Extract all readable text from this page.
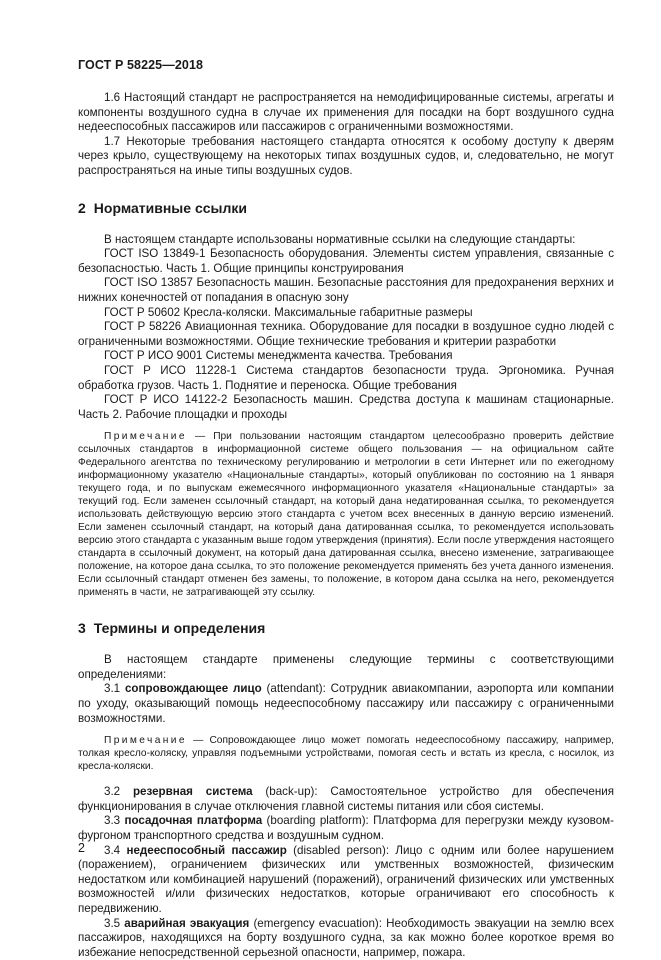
ГОСТ Р 58225—2018

1.6 Настоящий стандарт не распространяется на немодифицированные системы, агрегаты и компоненты воздушного судна в случае их применения для посадки на борт воздушного судна недееспособных пассажиров или пассажиров с ограниченными возможностями.

1.7 Некоторые требования настоящего стандарта относятся к особому доступу к дверям через крыло, существующему на некоторых типах воздушных судов, и, следовательно, не могут распространяться на иные типы воздушных судов.

2 Нормативные ссылки

В настоящем стандарте использованы нормативные ссылки на следующие стандарты:

ГОСТ ISO 13849-1 Безопасность оборудования. Элементы систем управления, связанные с безопасностью. Часть 1. Общие принципы конструирования

ГОСТ ISO 13857 Безопасность машин. Безопасные расстояния для предохранения верхних и нижних конечностей от попадания в опасную зону

ГОСТ Р 50602 Кресла-коляски. Максимальные габаритные размеры

ГОСТ Р 58226 Авиационная техника. Оборудование для посадки в воздушное судно людей с ограниченными возможностями. Общие технические требования и критерии разработки

ГОСТ Р ИСО 9001 Системы менеджмента качества. Требования

ГОСТ Р ИСО 11228-1 Система стандартов безопасности труда. Эргономика. Ручная обработка грузов. Часть 1. Поднятие и переноска. Общие требования

ГОСТ Р ИСО 14122-2 Безопасность машин. Средства доступа к машинам стационарные. Часть 2. Рабочие площадки и проходы

Примечание — При пользовании настоящим стандартом целесообразно проверить действие ссылочных стандартов в информационной системе общего пользования — на официальном сайте Федерального агентства по техническому регулированию и метрологии в сети Интернет или по ежегодному информационному указателю «Национальные стандарты», который опубликован по состоянию на 1 января текущего года, и по выпускам ежемесячного информационного указателя «Национальные стандарты» за текущий год. Если заменен ссылочный стандарт, на который дана недатированная ссылка, то рекомендуется использовать действующую версию этого стандарта с учетом всех внесенных в данную версию изменений. Если заменен ссылочный стандарт, на который дана датированная ссылка, то рекомендуется использовать версию этого стандарта с указанным выше годом утверждения (принятия). Если после утверждения настоящего стандарта в ссылочный документ, на который дана датированная ссылка, внесено изменение, затрагивающее положение, на которое дана ссылка, то это положение рекомендуется применять без учета данного изменения. Если ссылочный стандарт отменен без замены, то положение, в котором дана ссылка на него, рекомендуется применять в части, не затрагивающей эту ссылку.

3 Термины и определения

В настоящем стандарте применены следующие термины с соответствующими определениями:

3.1 сопровождающее лицо (attendant): Сотрудник авиакомпании, аэропорта или компании по уходу, оказывающий помощь недееспособному пассажиру или пассажиру с ограниченными возможностями.

Примечание — Сопровождающее лицо может помогать недееспособному пассажиру, например, толкая кресло-коляску, управляя подъемными устройствами, помогая сесть и встать из кресла, с носилок, из кресла-коляски.

3.2 резервная система (back-up): Самостоятельное устройство для обеспечения функционирования в случае отключения главной системы питания или сбоя системы.

3.3 посадочная платформа (boarding platform): Платформа для перегрузки между кузовом-фургоном транспортного средства и воздушным судном.

3.4 недееспособный пассажир (disabled person): Лицо с одним или более нарушением (поражением), ограничением физических или умственных возможностей, физическим недостатком или комбинацией нарушений (поражений), ограничений физических или умственных возможностей и/или физических недостатков, которые ограничивают его способность к передвижению.

3.5 аварийная эвакуация (emergency evacuation): Необходимость эвакуации на землю всех пассажиров, находящихся на борту воздушного судна, за как можно более короткое время во избежание непосредственной серьезной опасности, например, пожара.

2
